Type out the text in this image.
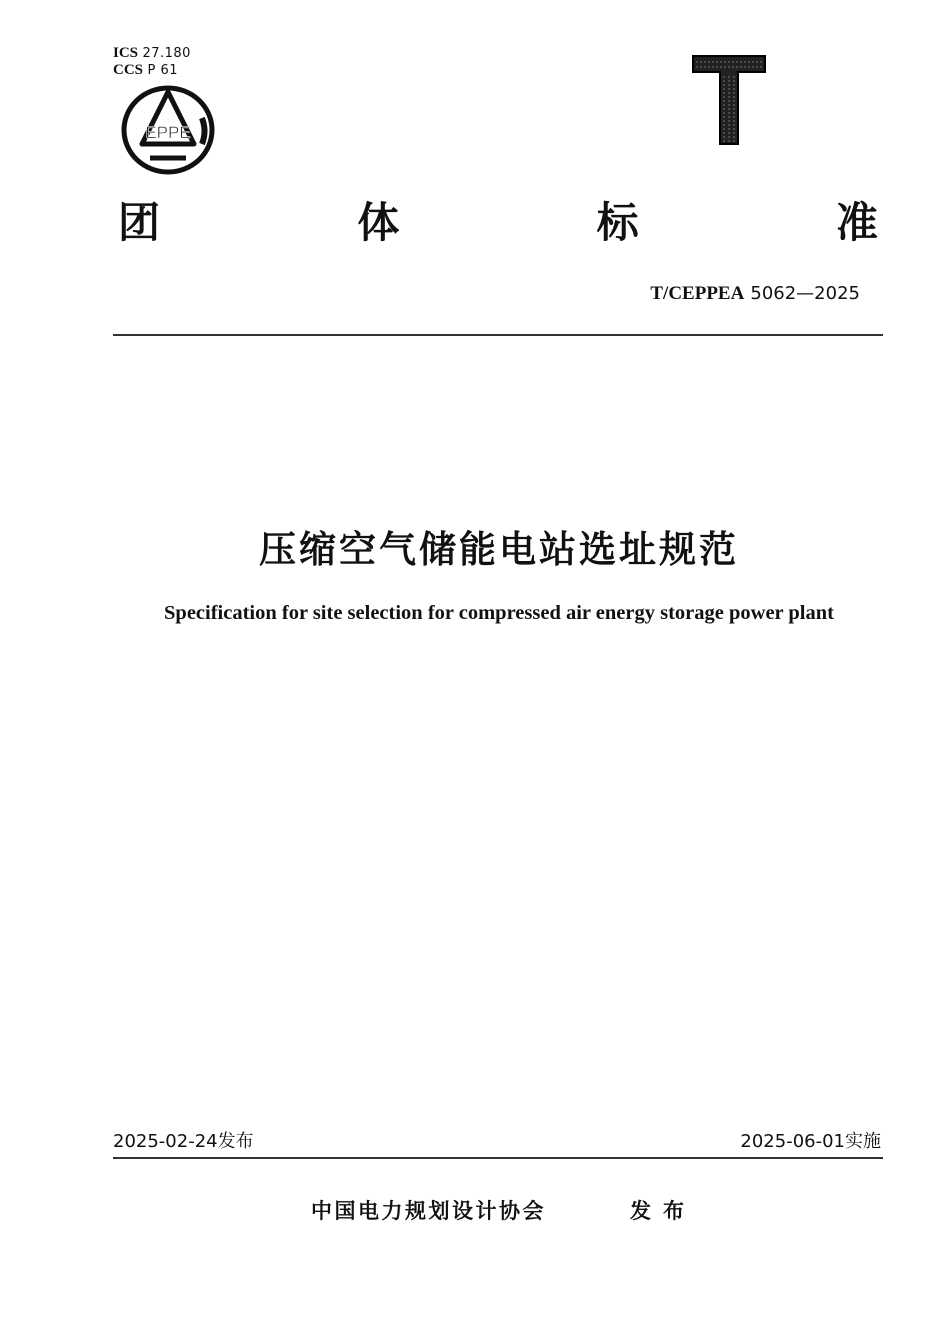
ICS 27.180
CCS P 61
EPPE
团	体	标	准
T/CEPPEA 5062—2025
压缩空气储能电站选址规范
Specification for site selection for compressed air energy storage power plant
2025-02-24发布	2025-06-01实施
中国电力规划设计协会	发布
